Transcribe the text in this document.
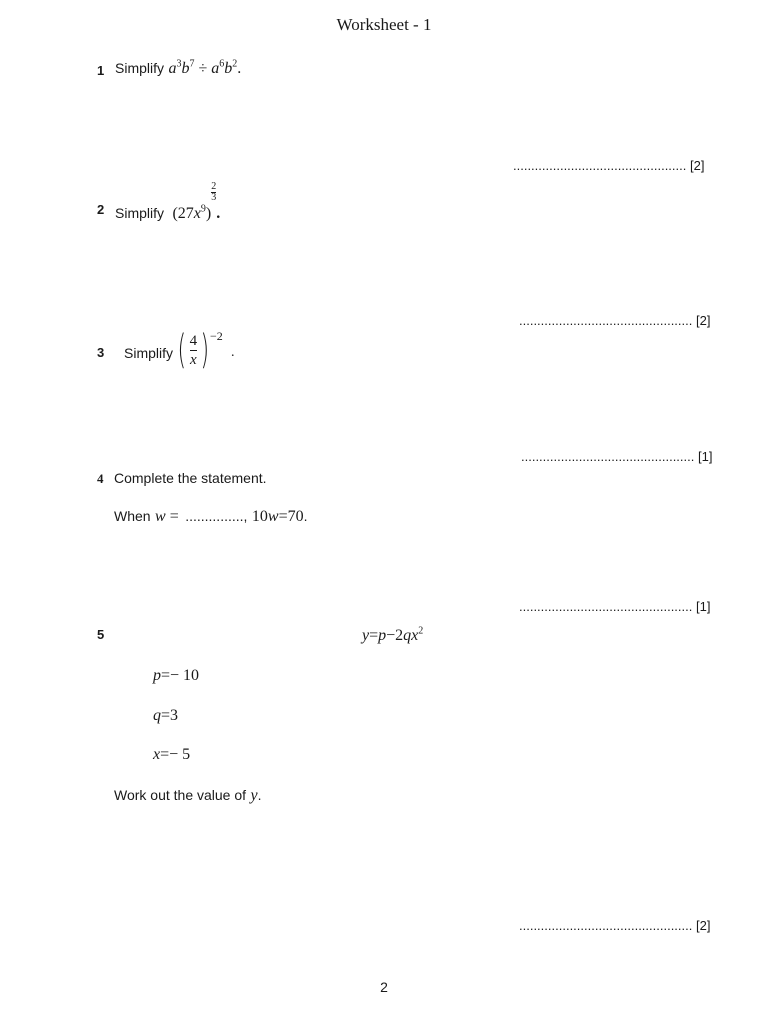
Worksheet - 1
1 Simplify $a^3b^7 \div a^6b^2$.
................................................ [2]
2 Simplify $(27x^9)$
$\frac{2}{3}$
.
................................................ [2]
3 Simplify ( $\frac{4}{x}$ ) −2
.
................................................ [1]
4 Complete the statement.
When w = ..............., 10w=70.
................................................ [1]
5	$y=p-2qx^2$
p=− 10
q=3
x=− 5
Work out the value of y.
................................................ [2]
2
